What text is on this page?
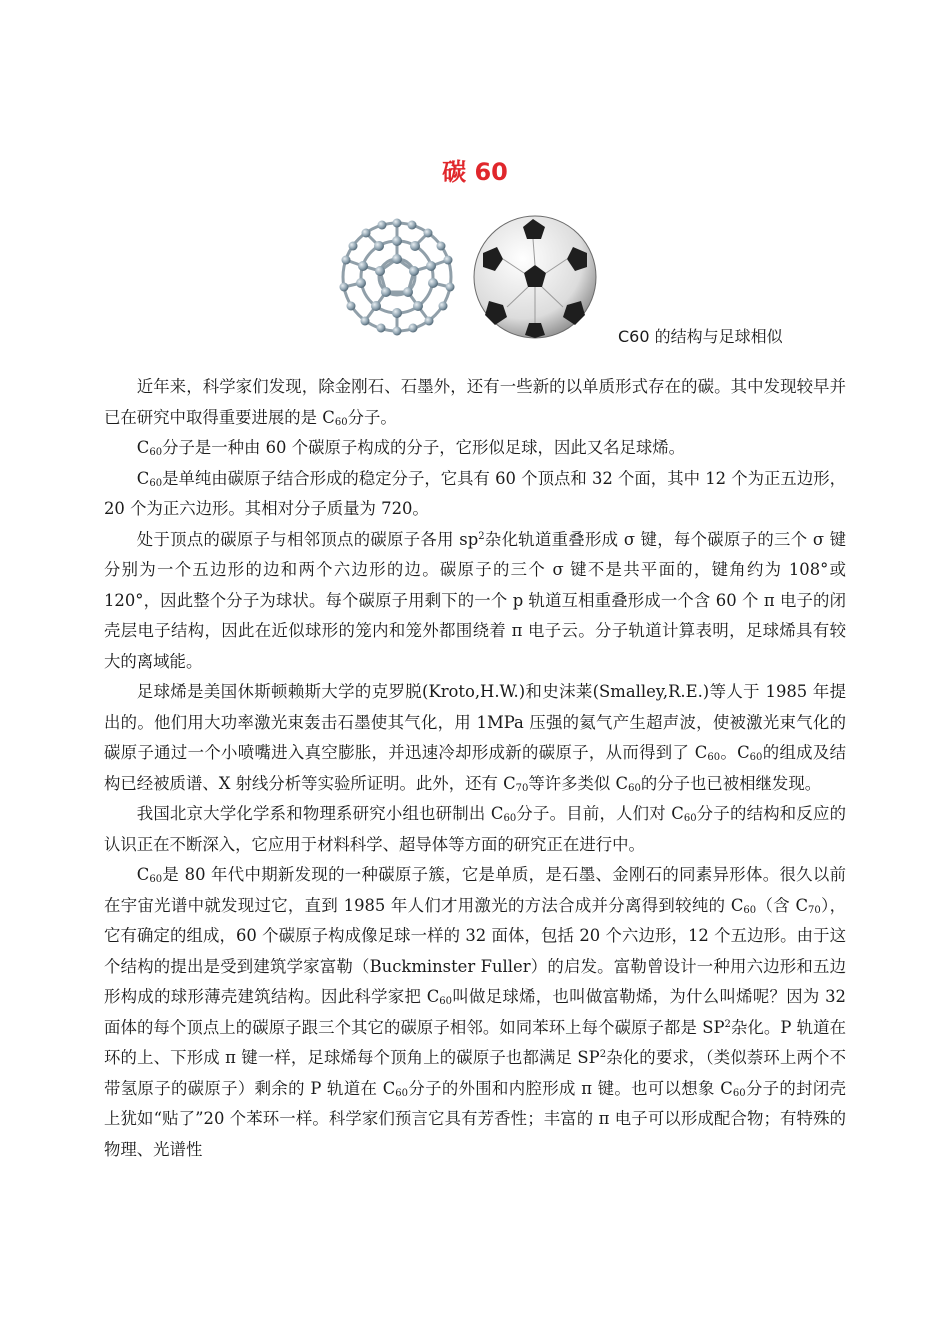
碳 60
C60 的结构与足球相似

近年来，科学家们发现，除金刚石、石墨外，还有一些新的以单质形式存在的碳。其中发现较早并已在研究中取得重要进展的是 $C_{60}$分子。

$C_{60}$分子是一种由 60 个碳原子构成的分子，它形似足球，因此又名足球烯。

$C_{60}$是单纯由碳原子结合形成的稳定分子，它具有 60 个顶点和 32 个面，其中 12 个为正五边形，20 个为正六边形。其相对分子质量为 720。

处于顶点的碳原子与相邻顶点的碳原子各用 $sp^2$杂化轨道重叠形成 σ 键，每个碳原子的三个 σ 键分别为一个五边形的边和两个六边形的边。碳原子的三个 σ 键不是共平面的，键角约为 108°或 120°，因此整个分子为球状。每个碳原子用剩下的一个 p 轨道互相重叠形成一个含 60 个 π 电子的闭壳层电子结构，因此在近似球形的笼内和笼外都围绕着 π 电子云。分子轨道计算表明，足球烯具有较大的离域能。

足球烯是美国休斯顿赖斯大学的克罗脱(Kroto,H.W.)和史沫莱(Smalley,R.E.)等人于 1985 年提出的。他们用大功率激光束轰击石墨使其气化，用 1MPa 压强的氦气产生超声波，使被激光束气化的碳原子通过一个小喷嘴进入真空膨胀，并迅速冷却形成新的碳原子，从而得到了 $C_{60}$。$C_{60}$的组成及结构已经被质谱、X 射线分析等实验所证明。此外，还有 $C_{70}$等许多类似 $C_{60}$的分子也已被相继发现。

我国北京大学化学系和物理系研究小组也研制出 $C_{60}$分子。目前，人们对 $C_{60}$分子的结构和反应的认识正在不断深入，它应用于材料科学、超导体等方面的研究正在进行中。

$C_{60}$是 80 年代中期新发现的一种碳原子簇，它是单质，是石墨、金刚石的同素异形体。很久以前在宇宙光谱中就发现过它，直到 1985 年人们才用激光的方法合成并分离得到较纯的 $C_{60}$（含 $C_{70}$），它有确定的组成，60 个碳原子构成像足球一样的 32 面体，包括 20 个六边形，12 个五边形。由于这个结构的提出是受到建筑学家富勒（Buckminster Fuller）的启发。富勒曾设计一种用六边形和五边形构成的球形薄壳建筑结构。因此科学家把 $C_{60}$叫做足球烯，也叫做富勒烯，为什么叫烯呢？因为 32 面体的每个顶点上的碳原子跟三个其它的碳原子相邻。如同苯环上每个碳原子都是 $SP^2$杂化。P 轨道在环的上、下形成 π 键一样，足球烯每个顶角上的碳原子也都满足 $SP^2$杂化的要求，（类似萘环上两个不带氢原子的碳原子）剩余的 P 轨道在 $C_{60}$分子的外围和内腔形成 π 键。也可以想象 $C_{60}$分子的封闭壳上犹如“贴了”20 个苯环一样。科学家们预言它具有芳香性；丰富的 π 电子可以形成配合物；有特殊的物理、光谱性
